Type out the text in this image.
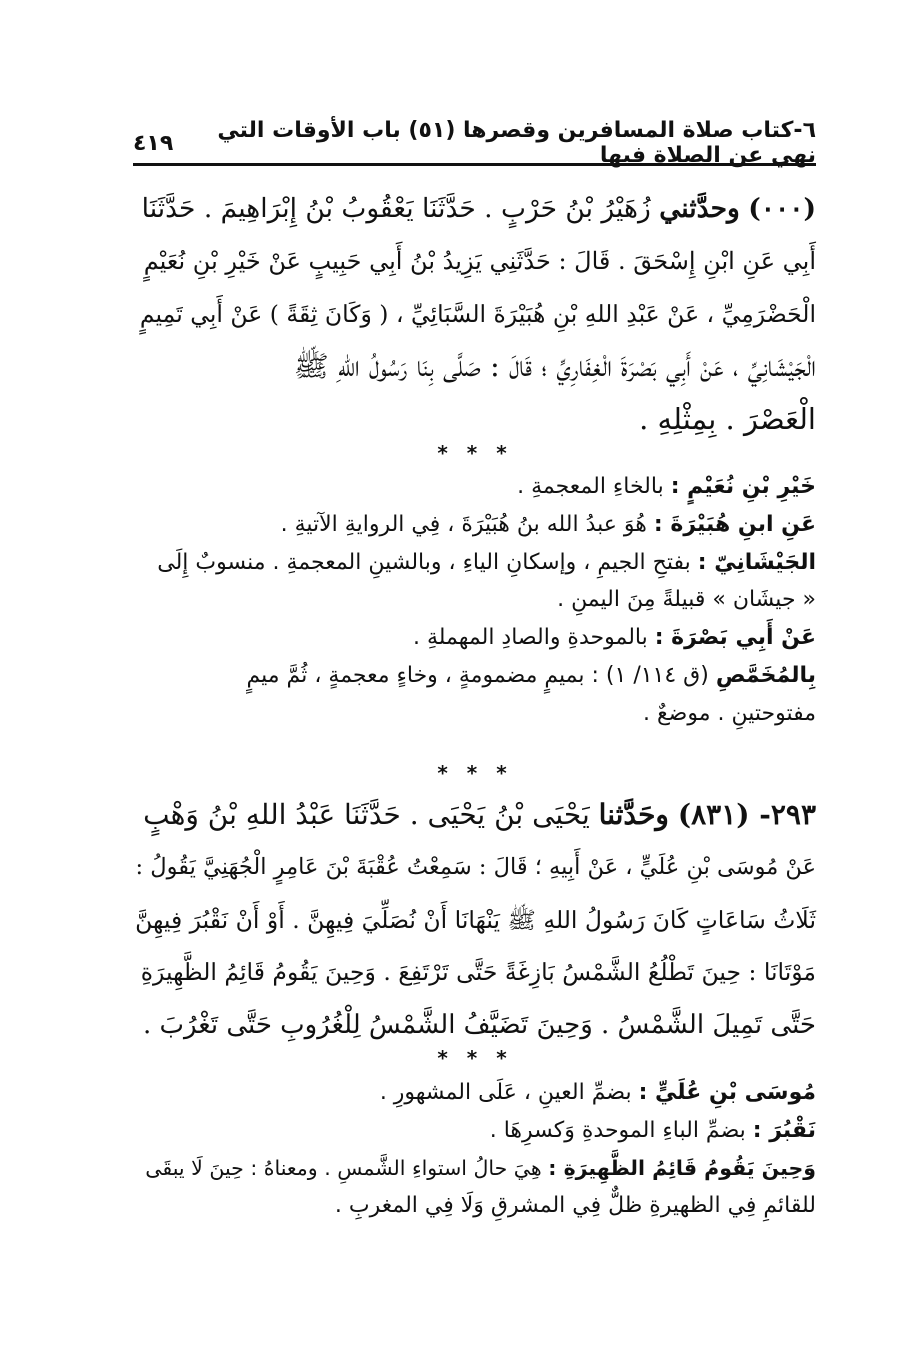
٦-كتاب صلاة المسافرين وقصرها (٥١) باب الأوقات التي نهي عن الصلاة فيها
٤١٩
(٠٠٠) وحدَّثني زُهَيْرُ بْنُ حَرْبٍ . حَدَّثَنَا يَعْقُوبُ بْنُ إِبْرَاهِيمَ . حَدَّثَنَا
أَبِي عَنِ ابْنِ إِسْحَقَ . قَالَ : حَدَّثَنِي يَزِيدُ بْنُ أَبِي حَبِيبٍ عَنْ خَيْرِ بْنِ نُعَيْمٍ
الْحَضْرَمِيِّ ، عَنْ عَبْدِ اللهِ بْنِ هُبَيْرَةَ السَّبَائِيِّ ، ( وَكَانَ ثِقَةً ) عَنْ أَبِي تَمِيمٍ
الْجَيْشَانِيِّ ، عَنْ أَبِي بَصْرَةَ الْغِفَارِيِّ ؛ قَالَ : صَلَّى بِنَا رَسُولُ اللهِ ﷺ
الْعَصْرَ . بِمِثْلِهِ .
* * *
خَيْرِ بْنِ نُعَيْمٍ : بالخاءِ المعجمةِ .
عَنِ ابنِ هُبَيْرَةَ : هُوَ عبدُ الله بنُ هُبَيْرَةَ ، فِي الروايةِ الآتيةِ .
الجَيْشَانِيّ : بفتحِ الجيمِ ، وإسكانِ الياءِ ، وبالشينِ المعجمةِ . منسوبٌ إِلَى
« جيشَان » قبيلةً مِنَ اليمنِ .
عَنْ أَبِي بَصْرَةَ : بالموحدةِ والصادِ المهملةِ .
بِالمُخَمَّصِ (ق ١١٤/ ١) : بميمٍ مضمومةٍ ، وخاءٍ معجمةٍ ، ثُمَّ ميمٍ
مفتوحتينِ . موضعٌ .
* * *
٢٩٣- (٨٣١) وحَدَّثنا يَحْيَى بْنُ يَحْيَى . حَدَّثَنَا عَبْدُ اللهِ بْنُ وَهْبٍ
عَنْ مُوسَى بْنِ عُلَيٍّ ، عَنْ أَبِيهِ ؛ قَالَ : سَمِعْتُ عُقْبَةَ بْنَ عَامِرٍ الْجُهَنِيَّ يَقُولُ :
ثَلَاثُ سَاعَاتٍ كَانَ رَسُولُ اللهِ ﷺ يَنْهَانَا أَنْ نُصَلِّيَ فِيهِنَّ . أَوْ أَنْ نَقْبُرَ فِيهِنَّ
مَوْتَانَا : حِينَ تَطْلُعُ الشَّمْسُ بَازِغَةً حَتَّى تَرْتَفِعَ . وَحِينَ يَقُومُ قَائِمُ الظَّهِيرَةِ
حَتَّى تَمِيلَ الشَّمْسُ . وَحِينَ تَضَيَّفُ الشَّمْسُ لِلْغُرُوبِ حَتَّى تَغْرُبَ .
* * *
مُوسَى بْنِ عُلَيٍّ : بضمِّ العينِ ، عَلَى المشهورِ .
نَقْبُرَ : بضمِّ الباءِ الموحدةِ وَكسرِهَا .
وَحِينَ يَقُومُ قَائِمُ الظَّهِيرَةِ : هِيَ حالُ استواءِ الشَّمسِ . ومعناهُ : حِينَ لَا يبقَى
للقائمِ فِي الظهيرةِ ظلٌّ فِي المشرقِ وَلَا فِي المغربِ .
